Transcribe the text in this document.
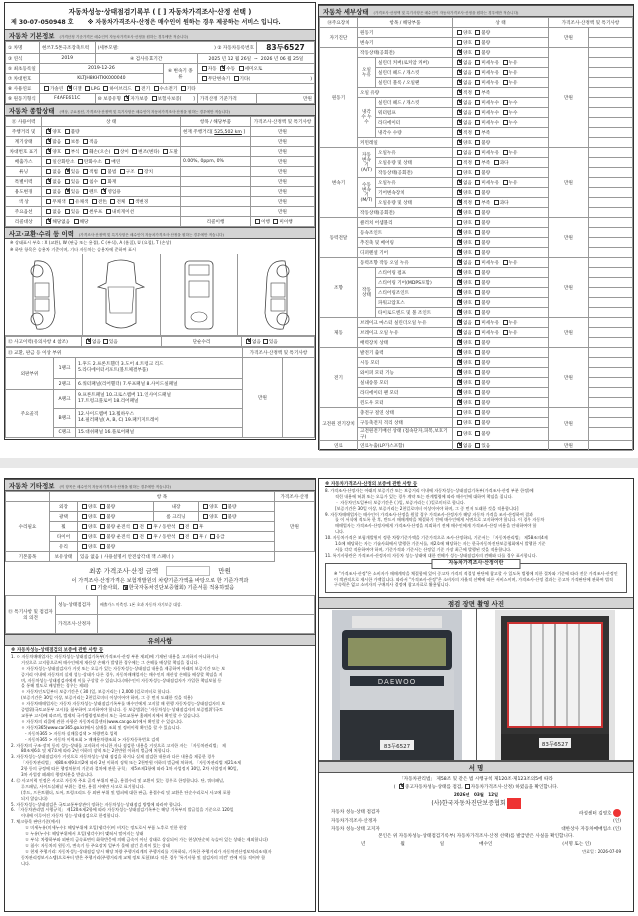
자동차성능·상태점검기록부 ( [ ] 자동차가격조사·산정 선택 )
제 30-07-050948 호 ※ 자동차가격조사·산정은 매수인이 원하는 경우 제공하는 서비스 입니다.
자동차 기본정보 (가격산정 기준가격은 매수인이 자동차가격조사·산정을 원하는 경우에만 적습니다)
① 차명	현쓰7.5톤극조장축트럭	(세부모델:		) ② 자동차등록번호	83두6527
③ 연식	2019	④ 검사유효기간		2025 년 12 월 26일 ~ 2026 년 06 월 25일	
⑤ 최초등록일	2019-12-26		⑥ 변속기 종류	자동 V 수동 세미오토
⑦ 차대번호	KLTJH8KHTKK000040			무단변속기 기타( )	
⑧ 사용연료	가솔린 V 디젤 LPG 하이브리드 전기 수소전기 기타
⑨ 원동기형식	F4AFE611C	⑩ 보증유형 V자가보증 보험사보증[ ]		가격산정 기준가격	만원
자동차 종합상태 (색상, 주요옵션, 가격조사·산정액 및 특기사항은 매수인이 자동차가격조사·산정을 원하는 경우에만 적습니다)
⑪ 사용이력	상 태	항목 / 해당부품	가격조사·산정액 및 특기사항
주행거리 및	V양호 불량	현재 주행거리[ 525,502 km ]	만원
계기상태	V많음 보통 적음		만원
차대번호 표기	V양호 부식 훼손(오손) 상이 변조(변타) 도말		만원
배출가스	일산화탄소 탄화수소 매연	0.00%, 0ppm, 0%	만원
튜닝	없음 V 있음 적법 불법 구조 장치		만원
특별이력	V없음 있음 침수 화재		만원
용도변경	없음 V 있음 렌트 V 영업용		만원
색 상	무채색 유채색 전色 전체 색변경		만원
주요옵션	없음 있음 썬루프 내비게이션		만원
리콜대상	V해당없음 해당	리콜이행	이행 미이행
사고·교환·수리 등 이력 (가격조사·산정액 및 특기사항은 매수인이 자동차가격조사·산정을 원하는 경우에만 적습니다)
※ 상태표시 부호 : X (교환), W (판금 또는 용접), C (부식), A (흠집), U (요철), T (손상)
※ 하단 항목은 승용차 기준이며, 기타 자동차는 승용차에 준하여 표시
⑫ 사고이력(유의사항 4 참조)	V없음 있음	단순수리	V없음 있음
⑬ 교환, 판금 등 이상 부위			가격조사·산정액 및 특기사항	
외판부위	1랭크	1.후드 2.프론트휀더 3.도어 4.트렁크 리드
5.라디에이터서포트(볼트체결부품)	만원	
	2랭크	6.쿼터패널(리어휀더) 7.루프패널 8.사이드실패널		
주요골격	A랭크	9.프론트패널 10.크로스멤버 11.인사이드패널
17.트렁크플로어 18.리어패널		

	B랭크	12.사이드멤버 13.휠하우스
14.필러패널( A, B, C) 19.패키지트레이		

	C랭크	15.대쉬패널 16.플로어패널		
자동차 세부상태 (가격조사·산정액 및 특기사항은 매수인이 자동차가격조사·산정을 원하는 경우에만 적습니다)
⑭주요장치	항목 / 해당부품		상 태	가격조사·산정액 및 특기사항	
자기진단	원동기		양호 불량	만원	
	변속기		양호 불량		
원동기	작동상태(공회전)	V양호 불량	만원	
	오일 누유	실린더 커버(로커암 커버)	V없음 미세누유 누유	
		실린더 헤드 / 개스킷	V없음 미세누유 누유	
		실린더 블록 / 오일팬	V없음 미세누유 누유	
	오일 유량	V적정 부족	
	냉각수 누수	실린더 헤드 / 개스킷	V없음 미세누수 누수	
		워터펌프	V없음 미세누수 누수	
		라디에이터	V없음 미세누수 누수	
		냉각수 수량	V적정 부족	
	커먼레일	V양호 불량	
변속기	자동 변속기 (A/T)	오일누유	없음 미세누유 누유	만원	
		오일유량 및 상태	적정 부족 과다		
		작동상태(공회전)	양호 불량		
	수동 변속기 (M/T)	오일누유	V없음 미세누유 누유	
		기어변속장치	V양호 불량	
		오일유량 및 상태	V적정 부족 과다	
	작동상태(공회전)	V양호 불량	
동력전달	클러치 어셈블리		양호 불량	만원	
	등속조인트	V양호 불량	
	추진축 및 베어링	V양호 불량	
	디퍼렌셜 기어	V양호 불량	
조향	동력조향 작동 오일 누유	V없음 미세누유 누유	만원	
	작동 상태	스티어링 펌프	V양호 불량	
		스티어링 기어(MDPS포함)	V양호 불량	
		스티어링조인트	V양호 불량	
		파워고압호스	V양호 불량	
		타이로드엔드 및 볼 조인트	V양호 불량	
제동	브레이크 마스터 실린더오일 누유	V없음 미세누유 누유	만원	
	브레이크 오일 누유	V없음 미세누유 누유	
	배력장치 상태	V양호 불량	
전기	발전기 출력	V양호 불량	만원	
	시동 모터	V양호 불량	
	와이퍼 모터 기능	V양호 불량	
	실내송풍 모터	V양호 불량	
	라디에이터 팬 모터	V양호 불량	
	윈도우 모터	V양호 불량	
고전원 전기장치	충전구 절연 상태		양호 불량	만원	
	구동축전지 격리 상태		양호 불량		
	고전원전기배선 상태 (접속단자,피복,보호기구)		양호 불량		
연료	연료누출(LP가스포함)	V없음 있음	만원	
자동차 기타정보 (이 항목은 매수인이 자동차가격조사·산정을 원하는 경우에만 적습니다)
	항 목				가격조사·산정
수리필요	외장	양호 불량	내장	양호 불량	만원
	광택	양호 불량	룸 크리닝	양호 불량	
	휠	양호 불량 운전석 전 후 / 동반석 전 후			
	타이어	양호 불량 운전석 전 후 / 동반석 전 후 / 응급			
	유리	양호 불량			
기본품목	보유상태	있음 없음 ( 사용설명서 안전삼각대 잭 스패너 )			
최종 가격조사·산정 금액	만원
이 가격조사·산정가격은 보험개발원의 차량기준가액을 바탕으로 한 기준가격과
( 기술사회, V 한국자동차진단보증협회) 기준서를 적용하였음
⑮ 특기사항 및 점검자의 의견	성능·상태점검자	배출가스 미측정. 1톤 초과 자동차 자기보증 대상.
	가격조사·산정자	
유의사항

※ 자동차성능·상태점검의 보증에 관한 사항 등

1. ㅇ 자동차매매업자는 자동차성능·상태점검기록부(가격조사·산정 부분 제외)에 기재된 내용을 고지하지 아니하거나

거짓으로 고지함으로써 매수인에게 재산상 손해가 발생한 경우에는 그 손해를 배상할 책임을 집니다.

ㅇ 자동차성능·상태점검자가 거짓 또는 오류가 있는 자동차성능·상태점검 내용을 제공하여 아래의 보증기간 또는 보

증거리 이내에 자동차의 실제 성능·상태가 다른 경우, 자동차매매업자는 매수인의 재산상 손해를 배상할 책임을 지

며, 자동차성능·상태점검자에게 이를 구상할 수 있습니다.(매수인이 자동차성능·상태점검자가 가입한 책임보험 등

을 통해 별도로 배상받는 경우는 제외)

ㅇ 자동차인도일부터 보증기간은 ( 30 )일, 보증거리는 ( 2,000 )킬로미터로 합니다.

(보증기간은 30일 이상, 보증거리는 2천킬로미터 이상이어야 하며, 그 중 먼저 도래한 것을 적용)

ㅇ 자동차매매업자는 자동차 자동차성능·상태점검기록부를 매수인에게 고지할 때 현행 자동차성능·상태점검자의 보

증범위(국토교통부 고시)를 첨부하여 고지하여야 합니다. 동 보증범위는 '자동차성능·상태점검자의 보증범위'(국토

교통부 고시)에 따르며, 법제처 국가법령정보센터 또는 국토교통부 홈페이지에서 확인할 수 있습니다.

ㅇ 자동차의 리콜에 관한 사항은 자동차리콜센터(www.car.go.kr)에서 확인할 수 있습니다.

ㅇ 자동차365(www.car365.go.kr)에서 실매물 조회 및 정비이력 확인을 할 수 있습니다.

- 자동차365 > 자동차 실매물검색 > 차량번호 입력

- 자동차365 > 자동차 이력조회 > 매매용차량조회 > 자동차등록번호 검색

2. 자동차의 구조·장치 등의 성능·상태를 고지하지 아니한 자나 점검한 내용을 거짓으로 고지한 자는 「자동차관리법」 제

80조제6호 및 제7호에 따라 2년 이하의 징역 또는 2천만원 이하의 벌금에 처합니다.

3. 자동차성능·상태점검자가 거짓으로 자동차성능·상태 점검을 하거나 실제 점검한 내용과 다른 내용을 제공한 경우

「자동차관리법」 제80조제9호의2에 따라 2년 이하의 징역 또는 2천만원 이하의 벌금에 처하며, 「자동차관리법 제21조제

2항 등의 규정에 따른 행정처분의 기준과 절차에 관한 규칙」 제5조제1항에 따라 1차 사업정지 30일, 2차 사업정지 90일,

3차 사업장 폐쇄의 행정처분을 받습니다.

4. ⑫ 사고이력 인정은 사고로 자동차 주요 골격 부위의 판금, 용접수리 및 교환이 있는 경우로 한정합니다. 단, 쿼터패널,

루프패널, 사이드실패널 부위는 절단, 용접 시에만 사고로 표기합니다.

(후드, 프론트휀더, 도어, 트렁크리드 등 외판 부위 및 범퍼에 대한 판금, 용접수리 및 교환은 단순수리로서 사고에 포함

되지 않습니다)

5. 자동차성능·상태점검은 국토교통부장관이 정하는 자동차성능·상태점검 방법에 따라야 합니다.

6. 「자동차관리법 시행규칙」 제120조제2항에 따라 자동차성능·상태점검기록부는 해당 기록부의 발급일을 기준으로 120일

이내에 이루어진 자동차 성능·상태점검으로 한정합니다.

7. 체크항목 판단기준(예시)

ㅁ 미세누유(미세누수): 해당부위에 오일(냉각수)이 비치는 정도로서 부품 노후로 인한 현상

ㅁ 누유(누수): 해당부위에서 오일(냉각수)이 맺혀서 떨어지는 상태

ㅁ 부식: 차량하부와 외판의 금속표면이 화학반응에 의해 금속이 아닌 상태로 상실되어 가는 현상(단순히 녹슬어 있는 상태는 제외합니다)

ㅁ 침수: 자동차의 원동기, 변속기 등 주요장치 일부가 물에 잠긴 흔적이 있는 상태

ㅁ 현재 주행거리: 자동차성능·상태점검 당시 해당 차량 주행거리계의 주행거리를 기록하되, 기록한 주행거리가 자동차전산정보처리조직(자

동차관리정보시스템)으로부터 받은 주행거리(주행거리계 교체 정보 포함)보다 적은 경우 '특기사항 및 점검자의 의견' 란에 이를 적어야 합

니다.

※ 자동차가격조사·산정의 보증에 관한 사항 등

8. 가격조사·산정자는 아래의 보증기간 또는 보증거리 이내에 자동차성능·상태점검기록부(가격조사·산정 부분 한정)에

적힌 내용에 허위 또는 오류가 있는 경우 계약 또는 관계법령에 따라 매수인에 대하여 책임을 집니다.

ㆍ 자동차인도일부터 보증기간은 ( )일, 보증거리는 ( )킬로미터로 합니다.

[보증기간은 30일 이상, 보증거리는 2천킬로미터 이상이어야 하며, 그 중 먼저 도래한 것을 적용합니다]

9. 자동차매매업자는 매수인이 가격조사·산정을 원할 경우 가격조사·산정자가 해당 자동차 가격을 조사·산정하여 결과

를 이 서식에 적도록 한 후, 반드시 매매계약을 체결하기 전에 매수인에게 서면으로 고지하여야 합니다. 이 경우 자동차

매매업자는 가격조사·산정자에게 가격조사·산정을 의뢰하기 전에 매수인에게 가격조사·산정 비용을 안내하여야 합

니다.

10. 자동차가격은 보험개발원이 정한 차량기준가액을 기준가격으로 조사·산정하되, 기준서는 「자동차관리법」 제58조의4제

1호에 해당하는 자는 기술사회에서 발행한 기준서를, 제2호에 해당하는 자는 한국자동차진단보증협회에서 발행한 기준

서를 각각 적용하여야 하며, 기준가격과 기준서는 산정일 기준 가장 최근에 발행된 것을 적용합니다.

11. 특기사항란은 가격조사·산정자의 자동차 성능·상태에 대한 견해가 성능·상태점검자의 견해와 다를 경우 표시합니다.

자동차가격조사·산정이란
※ "가격조사·산정"은 소비자가 매매계약을 체결함에 있어 중고차 가격의 적절성 판단에 참고할 수 있도록 법령에 의한 절차와 기준에 따라 전문 가격조사·산정인이 객관적으로 제시한 가액입니다. 따라서 "가격조사·산정"은 소비자의 자율적 선택에 따른 서비스이며, 가격조사·산정 결과는 중고차 가격판단에 관하여 법적 구속력은 없고 소비자의 구매의사 결정에 참고자료로 활용됩니다.
점검 장면 촬영 사진
DAEWOO
83두6527	83두6527
서 명
「자동차관리법」 제58조 및 같은 법 시행규칙 제120조·제123조의5에 따라
( V중고자동차성능·상태를 점검, 자동차가격조사·산정) 하였음을 확인합니다.
2026년 03월 12일
(사)한국자동차진단보증협회
자동차 성능·상태 점검자	라성센터 김영호
자동차가격조사·산정자	(인)
자동차 성능·상태 고지자	대한상사 자동차매매업소 (인)
본인은 위 자동차성능·상태점검기록부( 자동차가격조사·산정 선택)를 발급받은 사실을 확인합니다.
년	월	일	매수인	(서명 또는 인)
만료일 : 2026-07-09
